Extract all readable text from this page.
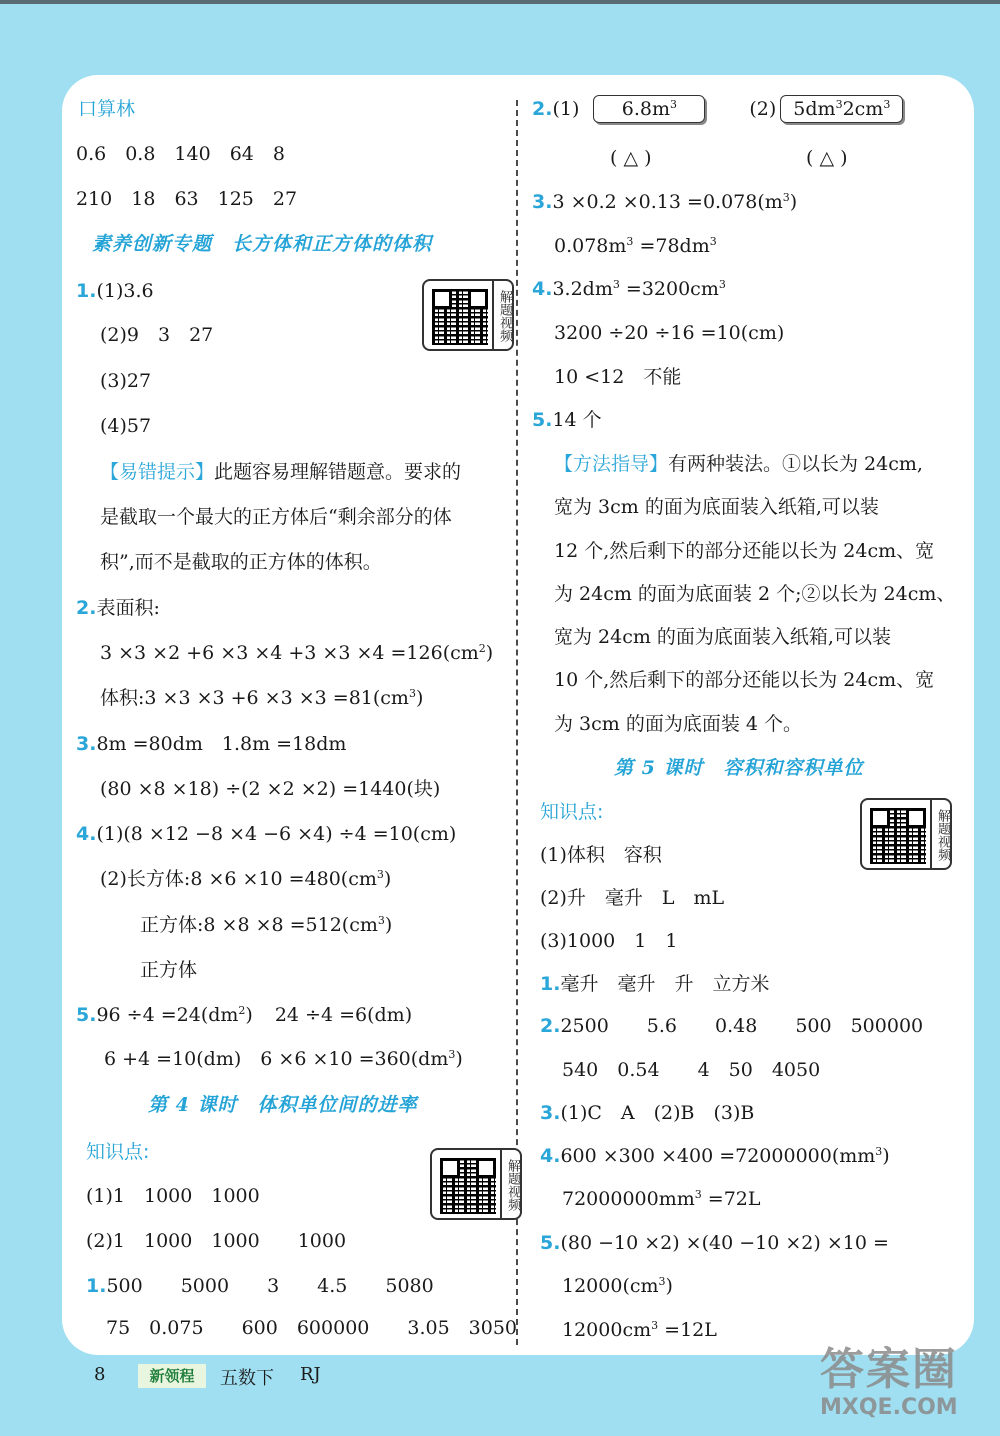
口算林
0.6　0.8　140　64　8
210　18　63　125　27
素养创新专题　长方体和正方体的体积
1.(1)3.6	解题视频
(2)9　3　27
(3)27
(4)57
【易错提示】此题容易理解错题意。要求的
是截取一个最大的正方体后“剩余部分的体
积”,而不是截取的正方体的体积。
2.表面积:
$3 \times 3 \times 2 +6 \times 3 \times 4 +3 \times 3 \times 4 =126(cm^2)$
体积:3 $\times 3 \times 3 +6 \times 3 \times 3 =81(cm^3)$
3.8m =80dm　1.8m =18dm
(80 ×8 ×18) ÷(2 ×2 ×2) =1440(块)
4.(1)(8 ×12 −8 ×4 −6 ×4) ÷4 =10(cm)
(2)长方体:8 $\times 6 \times 10 =480(cm^3)$
正方体:8 $\times 8 \times 8 =512(cm^3)$
正方体
$5.96 \div 4 =24(dm^2)$ 24 ÷4 =6(dm)
6 +4 =10(dm)　$6 \times 6 \times 10 =360(dm^3)$
第 4 课时　体积单位间的进率
知识点:
解题视频
(1)1　1000　1000
(2)1　1000　1000　　1000
1.500　　5000　　3　　4.5　　5080
75　0.075　　600　600000　　3.05　3050
2.(1) $6.8m^3$	(2) $5dm^32cm^3$
( △ )	( △ )
$3.3 \times 0.2 \times 0.13 =0.078(m^3)$
$0.078m^3 =78dm^3$
$4.3.2dm^3 =3200cm^3$
3200 ÷20 ÷16 =10(cm)
10 <12　不能
5.14 个
【方法指导】有两种装法。①以长为 24cm,
宽为 3cm 的面为底面装入纸箱,可以装
12 个,然后剩下的部分还能以长为 24cm、宽
为 24cm 的面为底面装 2 个;②以长为 24cm、
宽为 24cm 的面为底面装入纸箱,可以装
10 个,然后剩下的部分还能以长为 24cm、宽
为 3cm 的面为底面装 4 个。
第 5 课时　容积和容积单位
知识点:	解题视频
(1)体积　容积
(2)升　毫升　L　mL
(3)1000　1　1
1.毫升　毫升　升　立方米
2.2500　　5.6　　0.48　　500　500000
540　0.54　　4　50　4050
3.(1)C　A　(2)B　(3)B
$4.600 \times 300 \times 400 =72000000(mm^3)$
$72000000mm^3 =72L$
5.(80 −10 ×2) ×(40 −10 ×2) ×10 =
$12000(cm^3)$
$12000cm^3 =12L$
8	新领程	五数下 RJ	答案圈
MXQE.COM
